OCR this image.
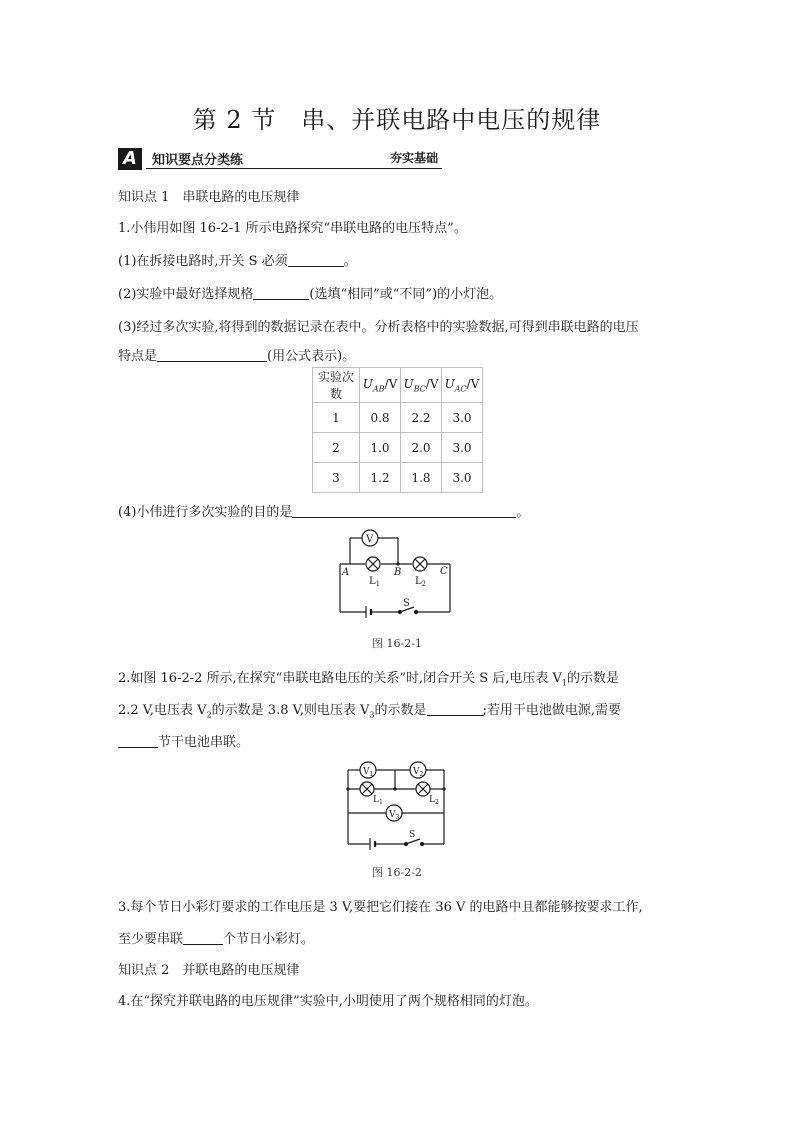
第 2 节　串、并联电路中电压的规律
A	知识要点分类练	夯实基础
知识点 1　串联电路的电压规律
1.小伟用如图 16-2-1 所示电路探究“串联电路的电压特点”。
(1)在拆接电路时,开关 S 必须	。
(2)实验中最好选择规格	(选填“相同”或“不同”)的小灯泡。
(3)经过多次实验,将得到的数据记录在表中。分析表格中的实验数据,可得到串联电路的电压
特点是	(用公式表示)。
实验次数	$U_{AB}/V$	$U_{BC}/V$	$U_{AC}/V$
1	0.8	2.2	3.0
2	1.0	2.0	3.0
3	1.2	1.8	3.0
(4)小伟进行多次实验的目的是	。
V
A	B	C
$L_1$	$L_2$
S
图 16-2-1
2.如图 16-2-2 所示,在探究“串联电路电压的关系”时,闭合开关 S 后,电压表 $V_1$的示数是
2.2 V,电压表 $V_2$的示数是 3.8 V,则电压表 $V_3$的示数是	;若用干电池做电源,需要
节干电池串联。
$V_1$	$V_2$
$V_3$
$L_1$	$L_2$
S
图 16-2-2
3.每个节日小彩灯要求的工作电压是 3 V,要把它们接在 36 V 的电路中且都能够按要求工作,
至少要串联	个节日小彩灯。
知识点 2　并联电路的电压规律
4.在“探究并联电路的电压规律”实验中,小明使用了两个规格相同的灯泡。
